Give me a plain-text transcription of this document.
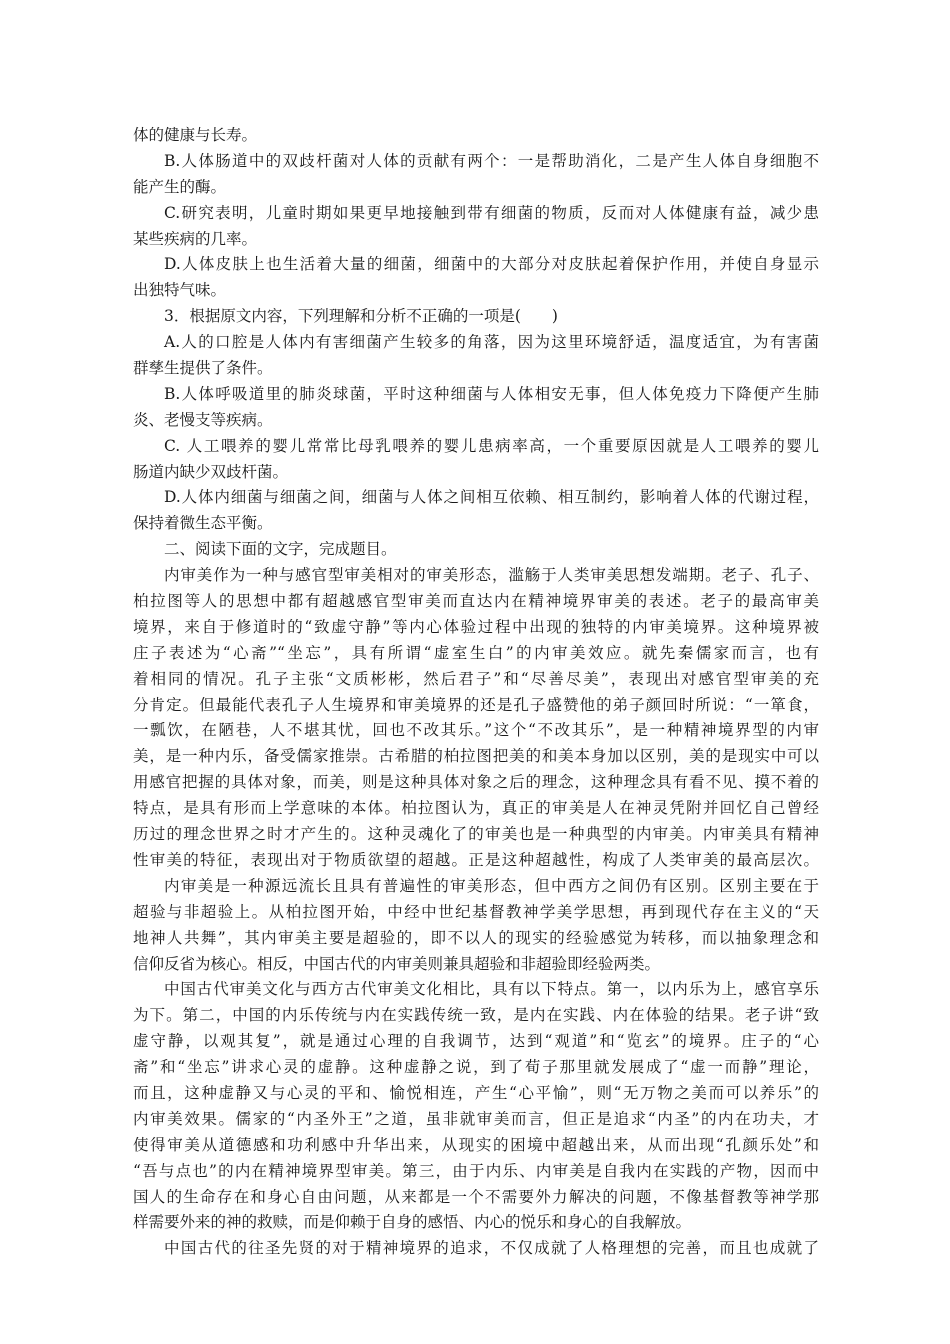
体的健康与长寿。
B.人体肠道中的双歧杆菌对人体的贡献有两个：一是帮助消化，二是产生人体自身细胞不
能产生的酶。
C.研究表明，儿童时期如果更早地接触到带有细菌的物质，反而对人体健康有益，减少患
某些疾病的几率。
D.人体皮肤上也生活着大量的细菌，细菌中的大部分对皮肤起着保护作用，并使自身显示
出独特气味。
3．根据原文内容，下列理解和分析不正确的一项是(　　)
A.人的口腔是人体内有害细菌产生较多的角落，因为这里环境舒适，温度适宜，为有害菌
群孳生提供了条件。
B.人体呼吸道里的肺炎球菌，平时这种细菌与人体相安无事，但人体免疫力下降便产生肺
炎、老慢支等疾病。
C. 人工喂养的婴儿常常比母乳喂养的婴儿患病率高，一个重要原因就是人工喂养的婴儿
肠道内缺少双歧杆菌。
D.人体内细菌与细菌之间，细菌与人体之间相互依赖、相互制约，影响着人体的代谢过程，
保持着微生态平衡。
二、阅读下面的文字，完成题目。
内审美作为一种与感官型审美相对的审美形态，滥觞于人类审美思想发端期。老子、孔子、
柏拉图等人的思想中都有超越感官型审美而直达内在精神境界审美的表述。老子的最高审美
境界，来自于修道时的“致虚守静”等内心体验过程中出现的独特的内审美境界。这种境界被
庄子表述为“心斋”“坐忘”，具有所谓“虚室生白”的内审美效应。就先秦儒家而言，也有
着相同的情况。孔子主张“文质彬彬，然后君子”和“尽善尽美”，表现出对感官型审美的充
分肯定。但最能代表孔子人生境界和审美境界的还是孔子盛赞他的弟子颜回时所说：“一箪食，
一瓢饮，在陋巷，人不堪其忧，回也不改其乐。”这个“不改其乐”，是一种精神境界型的内审
美，是一种内乐，备受儒家推崇。古希腊的柏拉图把美的和美本身加以区别，美的是现实中可以
用感官把握的具体对象，而美，则是这种具体对象之后的理念，这种理念具有看不见、摸不着的
特点，是具有形而上学意味的本体。柏拉图认为，真正的审美是人在神灵凭附并回忆自己曾经
历过的理念世界之时才产生的。这种灵魂化了的审美也是一种典型的内审美。内审美具有精神
性审美的特征，表现出对于物质欲望的超越。正是这种超越性，构成了人类审美的最高层次。
内审美是一种源远流长且具有普遍性的审美形态，但中西方之间仍有区别。区别主要在于
超验与非超验上。从柏拉图开始，中经中世纪基督教神学美学思想，再到现代存在主义的“天
地神人共舞”，其内审美主要是超验的，即不以人的现实的经验感觉为转移，而以抽象理念和
信仰反省为核心。相反，中国古代的内审美则兼具超验和非超验即经验两类。
中国古代审美文化与西方古代审美文化相比，具有以下特点。第一，以内乐为上，感官享乐
为下。第二，中国的内乐传统与内在实践传统一致，是内在实践、内在体验的结果。老子讲“致
虚守静，以观其复”，就是通过心理的自我调节，达到“观道”和“览玄”的境界。庄子的“心
斋”和“坐忘”讲求心灵的虚静。这种虚静之说，到了荀子那里就发展成了“虚一而静”理论，
而且，这种虚静又与心灵的平和、愉悦相连，产生“心平愉”，则“无万物之美而可以养乐”的
内审美效果。儒家的“内圣外王”之道，虽非就审美而言，但正是追求“内圣”的内在功夫，才
使得审美从道德感和功利感中升华出来，从现实的困境中超越出来，从而出现“孔颜乐处”和
“吾与点也”的内在精神境界型审美。第三，由于内乐、内审美是自我内在实践的产物，因而中
国人的生命存在和身心自由问题，从来都是一个不需要外力解决的问题，不像基督教等神学那
样需要外来的神的救赎，而是仰赖于自身的感悟、内心的悦乐和身心的自我解放。
中国古代的往圣先贤的对于精神境界的追求，不仅成就了人格理想的完善，而且也成就了
